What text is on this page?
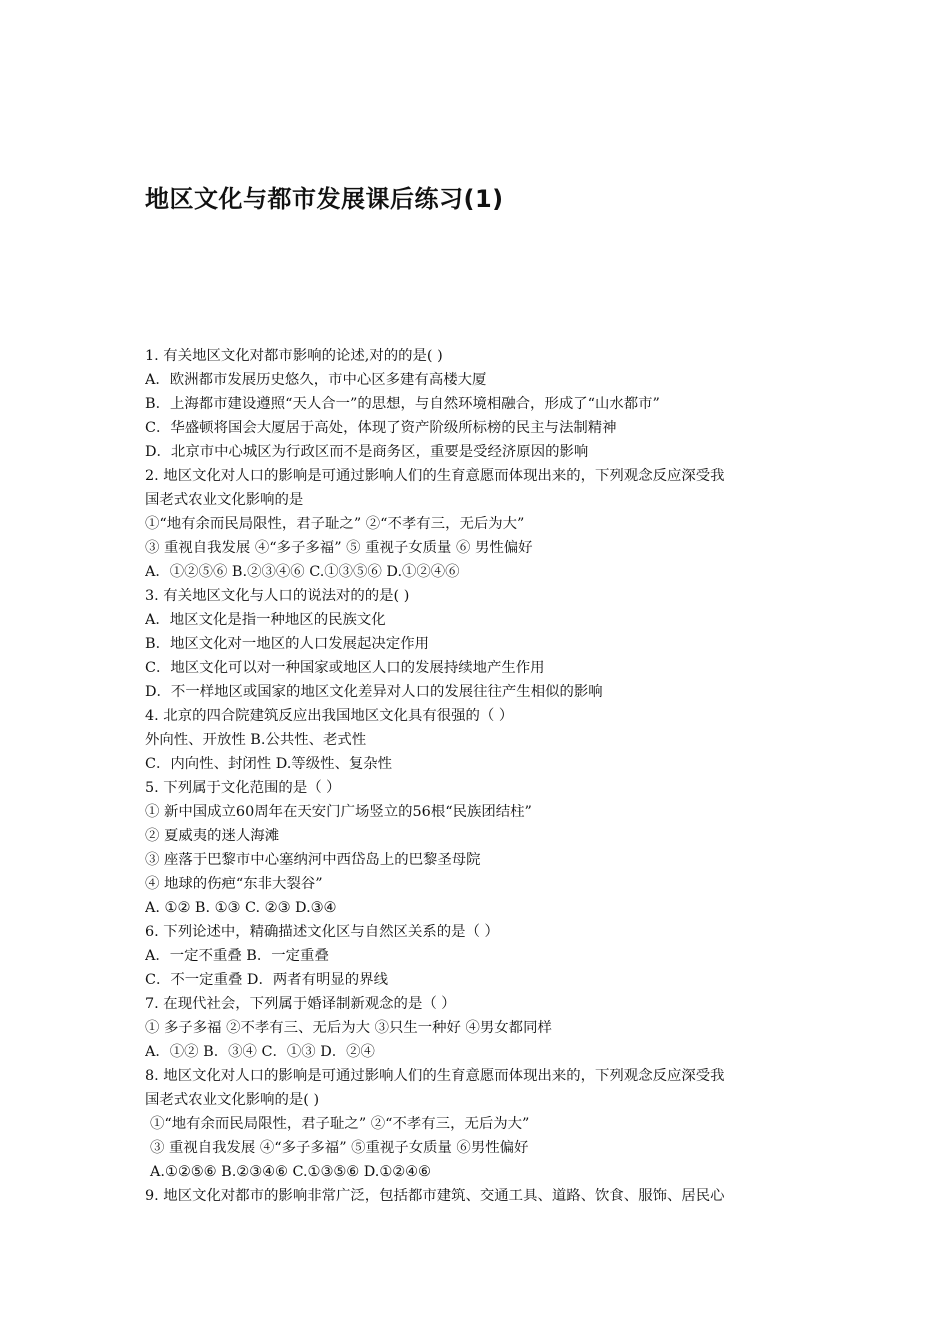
地区文化与都市发展课后练习(1)
1. 有关地区文化对都市影响的论述,对的的是( )
A．欧洲都市发展历史悠久，市中心区多建有高楼大厦
B．上海都市建设遵照“天人合一”的思想，与自然环境相融合，形成了“山水都市”
C．华盛顿将国会大厦居于高处，体现了资产阶级所标榜的民主与法制精神
D．北京市中心城区为行政区而不是商务区，重要是受经济原因的影响
2. 地区文化对人口的影响是可通过影响人们的生育意愿而体现出来的，下列观念反应深受我
国老式农业文化影响的是
①“地有余而民局限性，君子耻之” ②“不孝有三，无后为大”
③ 重视自我发展 ④“多子多福” ⑤ 重视子女质量 ⑥ 男性偏好
A．①②⑤⑥ B.②③④⑥ C.①③⑤⑥ D.①②④⑥
3. 有关地区文化与人口的说法对的的是( )
A．地区文化是指一种地区的民族文化
B．地区文化对一地区的人口发展起决定作用
C．地区文化可以对一种国家或地区人口的发展持续地产生作用
D．不一样地区或国家的地区文化差异对人口的发展往往产生相似的影响
4. 北京的四合院建筑反应出我国地区文化具有很强的（ ）
外向性、开放性 B.公共性、老式性
C．内向性、封闭性 D.等级性、复杂性
5. 下列属于文化范围的是（ ）
① 新中国成立60周年在天安门广场竖立的56根“民族团结柱”
② 夏威夷的迷人海滩
③ 座落于巴黎市中心塞纳河中西岱岛上的巴黎圣母院
④ 地球的伤疤“东非大裂谷”
A. ①② B. ①③ C. ②③ D.③④
6. 下列论述中，精确描述文化区与自然区关系的是（ ）
A．一定不重叠 B．一定重叠
C．不一定重叠 D．两者有明显的界线
7. 在现代社会，下列属于婚译制新观念的是（ ）
① 多子多福 ②不孝有三、无后为大 ③只生一种好 ④男女都同样
A．①② B．③④ C．①③ D．②④
8. 地区文化对人口的影响是可通过影响人们的生育意愿而体现出来的，下列观念反应深受我
国老式农业文化影响的是( )
①“地有余而民局限性，君子耻之” ②“不孝有三，无后为大”
③ 重视自我发展 ④“多子多福” ⑤重视子女质量 ⑥男性偏好
A.①②⑤⑥ B.②③④⑥ C.①③⑤⑥ D.①②④⑥
9. 地区文化对都市的影响非常广泛，包括都市建筑、交通工具、道路、饮食、服饰、居民心
